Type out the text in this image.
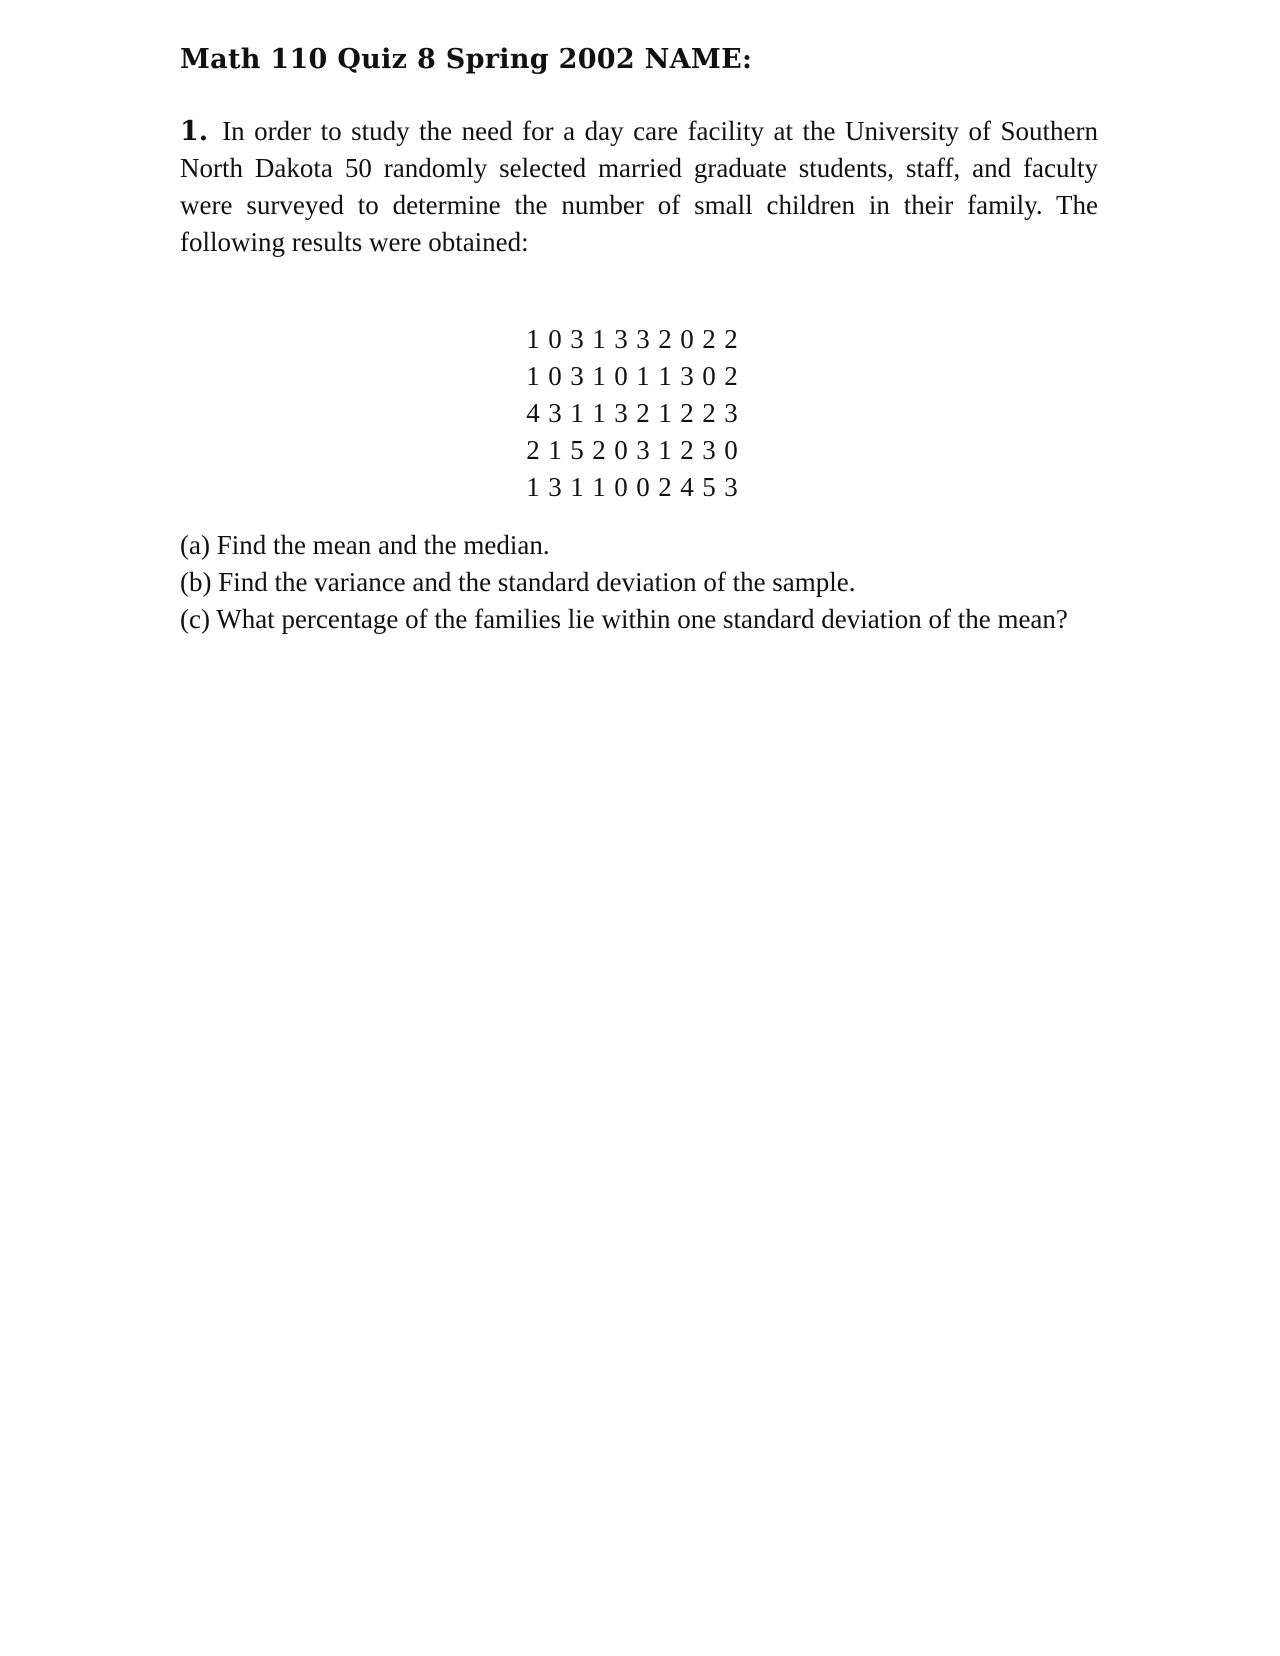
Math 110 Quiz 8 Spring 2002 NAME:

1. In order to study the need for a day care facility at the University of Southern North Dakota 50 randomly selected married graduate students, staff, and faculty were surveyed to determine the number of small children in their family. The following results were obtained:

1 0 3 1 3 3 2 0 2 2
1 0 3 1 0 1 1 3 0 2
4 3 1 1 3 2 1 2 2 3
2 1 5 2 0 3 1 2 3 0
1 3 1 1 0 0 2 4 5 3

(a) Find the mean and the median.

(b) Find the variance and the standard deviation of the sample.

(c) What percentage of the families lie within one standard deviation of the mean?
